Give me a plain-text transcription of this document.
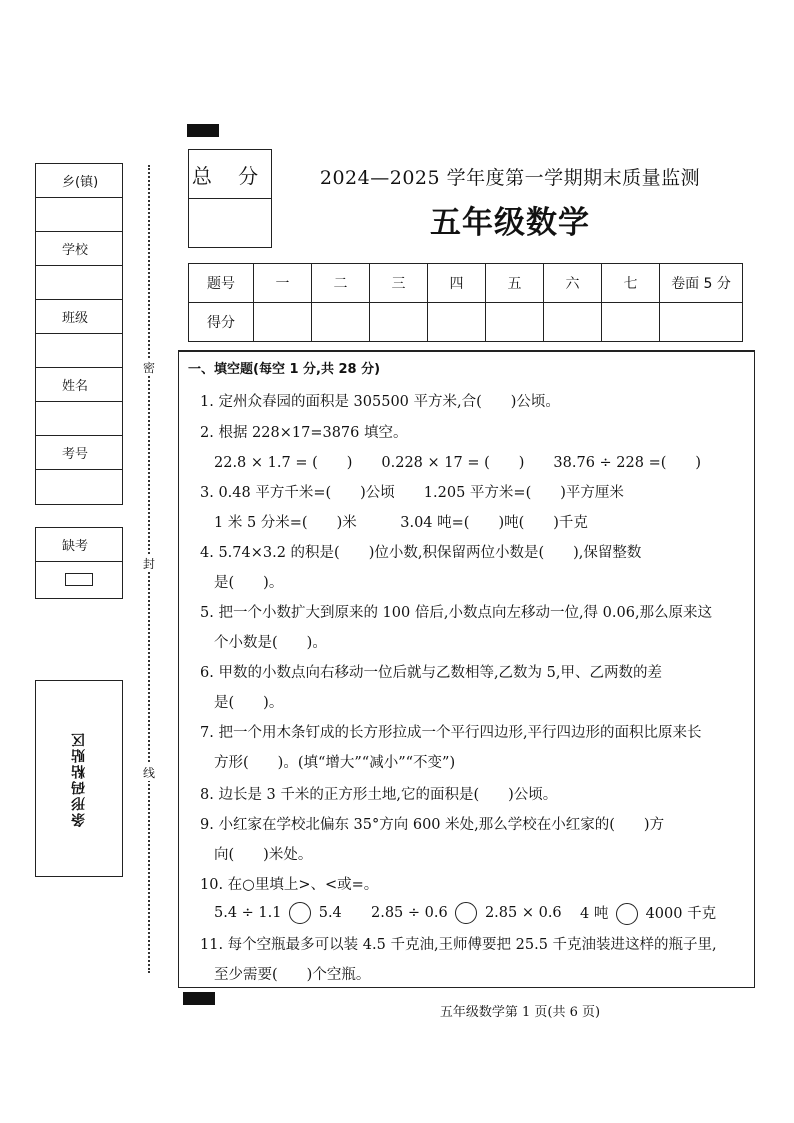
乡(镇)
学校
班级
姓名
考号
缺考
条形码粘贴区
密
封
线
总 分	2024—2025 学年度第一学期期末质量监测
五年级数学
题号	一	二	三	四	五	六	七	卷面 5 分
得分								
一、填空题(每空 1 分,共 28 分)
1. 定州众春园的面积是 305500 平方米,合(　　)公顷。
2. 根据 228×17=3876 填空。
22.8 × 1.7 = (　　)　　0.228 × 17 = (　　)　　38.76 ÷ 228 =(　　)
3. 0.48 平方千米=(　　)公顷　　1.205 平方米=(　　)平方厘米
1 米 5 分米=(　　)米　　　3.04 吨=(　　)吨(　　)千克
4. 5.74×3.2 的积是(　　)位小数,积保留两位小数是(　　),保留整数
是(　　)。
5. 把一个小数扩大到原来的 100 倍后,小数点向左移动一位,得 0.06,那么原来这
个小数是(　　)。
6. 甲数的小数点向右移动一位后就与乙数相等,乙数为 5,甲、乙两数的差
是(　　)。
7. 把一个用木条钉成的长方形拉成一个平行四边形,平行四边形的面积比原来长
方形(　　)。(填“增大”“减小”“不变”)
8. 边长是 3 千米的正方形土地,它的面积是(　　)公顷。
9. 小红家在学校北偏东 35°方向 600 米处,那么学校在小红家的(　　)方
向(　　)米处。
10. 在○里填上>、<或=。
5.4 ÷ 1.1	5.4 2.85 ÷ 0.6	2.85 × 0.6 4 吨	4000 千克
11. 每个空瓶最多可以装 4.5 千克油,王师傅要把 25.5 千克油装进这样的瓶子里,
至少需要(　　)个空瓶。
五年级数学第 1 页(共 6 页)
